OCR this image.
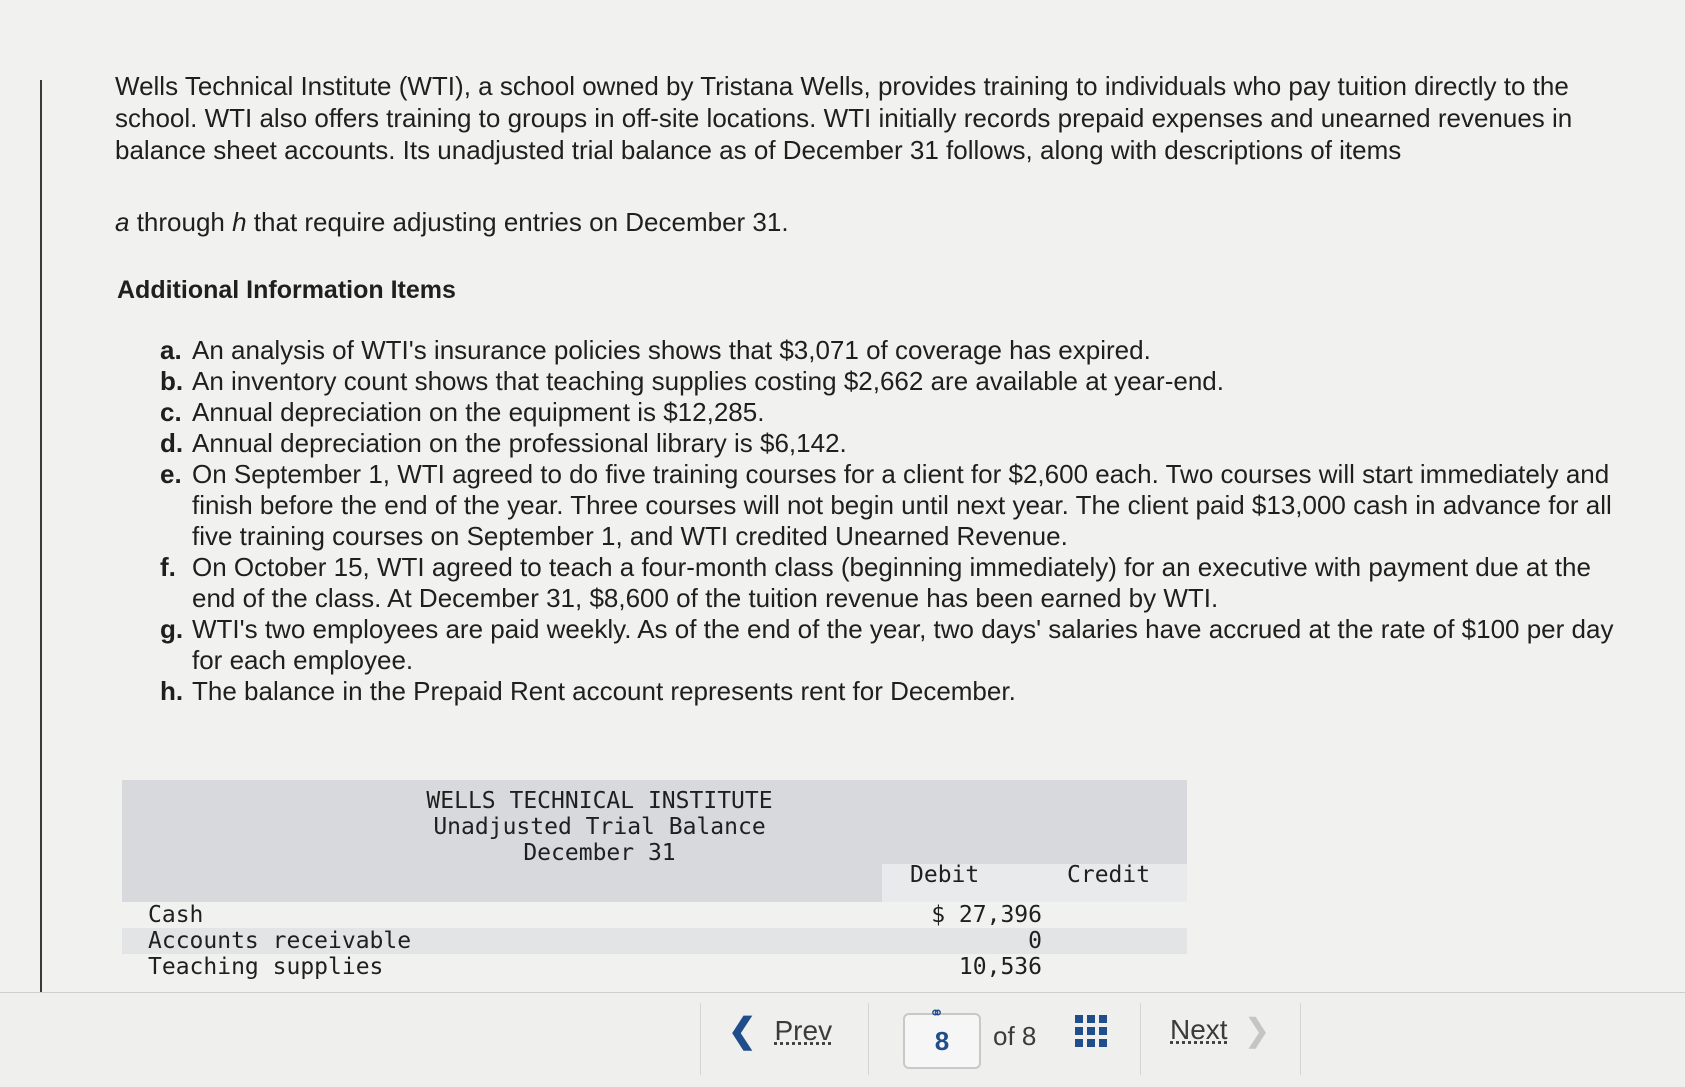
Wells Technical Institute (WTI), a school owned by Tristana Wells, provides training to individuals who pay tuition directly to the school. WTI also offers training to groups in off-site locations. WTI initially records prepaid expenses and unearned revenues in balance sheet accounts. Its unadjusted trial balance as of December 31 follows, along with descriptions of items

a through h that require adjusting entries on December 31.

Additional Information Items
a. An analysis of WTI's insurance policies shows that $3,071 of coverage has expired.
b. An inventory count shows that teaching supplies costing $2,662 are available at year-end.
c. Annual depreciation on the equipment is $12,285.
d. Annual depreciation on the professional library is $6,142.
e. On September 1, WTI agreed to do five training courses for a client for $2,600 each. Two courses will start immediately and finish before the end of the year. Three courses will not begin until next year. The client paid $13,000 cash in advance for all five training courses on September 1, and WTI credited Unearned Revenue.
f. On October 15, WTI agreed to teach a four-month class (beginning immediately) for an executive with payment due at the end of the class. At December 31, $8,600 of the tuition revenue has been earned by WTI.
g. WTI's two employees are paid weekly. As of the end of the year, two days' salaries have accrued at the rate of $100 per day for each employee.
h. The balance in the Prepaid Rent account represents rent for December.
WELLS TECHNICAL INSTITUTE
Unadjusted Trial Balance
December 31
Debit	Credit
Cash	$ 27,396
Accounts receivable	0
Teaching supplies	10,536
❮ Prev
⚭
8	of 8	Next ❯
